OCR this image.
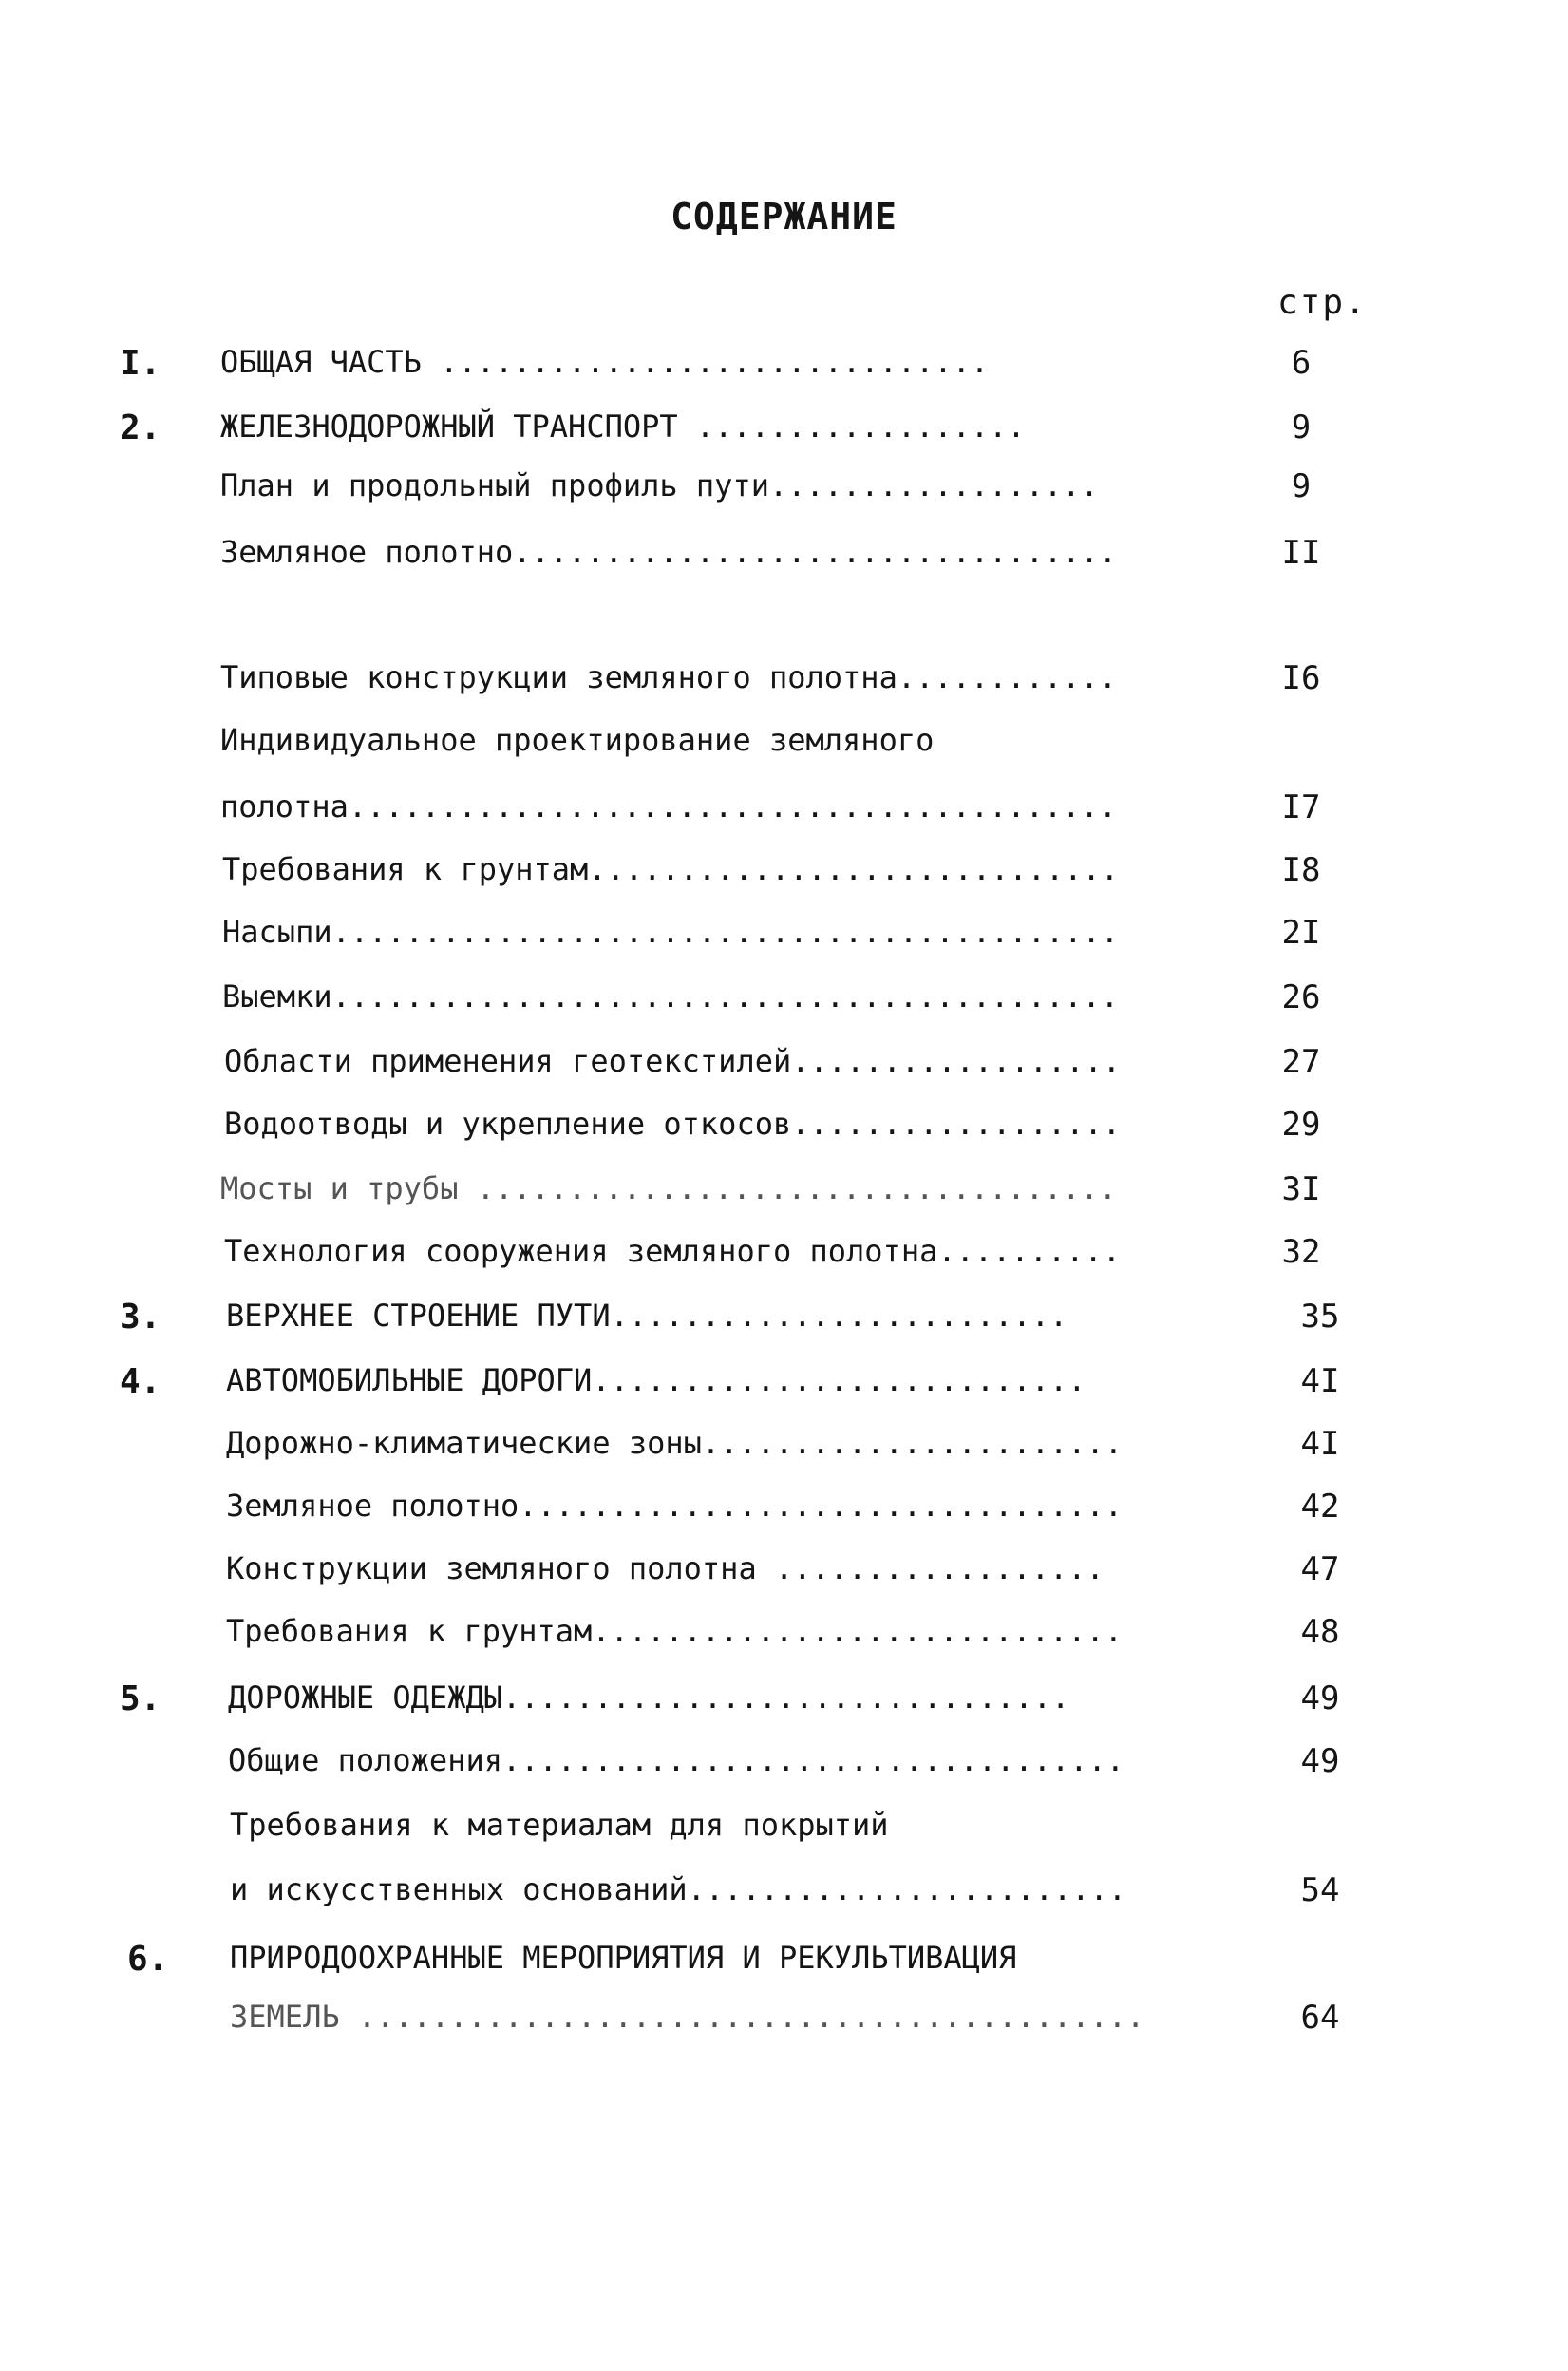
СОДЕРЖАНИЕ
стр.
I. ОБЩАЯ ЧАСТЬ ..............................	6
2. ЖЕЛЕЗНОДОРОЖНЫЙ ТРАНСПОРТ ..................	9
План и продольный профиль пути..................	9
Земляное полотно.................................	II
Типовые конструкции земляного полотна............	I6
Индивидуальное проектирование земляного
полотна..........................................	I7
Требования к грунтам.............................	I8
Насыпи...........................................	2I
Выемки...........................................	26
Области применения геотекстилей..................	27
Водоотводы и укрепление откосов..................	29
Мосты и трубы ...................................	3I
Технология сооружения земляного полотна..........	32
3. ВЕРХНЕЕ СТРОЕНИЕ ПУТИ.........................	35
4. АВТОМОБИЛЬНЫЕ ДОРОГИ...........................	4I
Дорожно-климатические зоны.......................	4I
Земляное полотно.................................	42
Конструкции земляного полотна ..................	47
Требования к грунтам.............................	48
5. ДОРОЖНЫЕ ОДЕЖДЫ...............................	49
Общие положения..................................	49
Требования к материалам для покрытий
и искусственных оснований........................	54
6. ПРИРОДООХРАННЫЕ МЕРОПРИЯТИЯ И РЕКУЛЬТИВАЦИЯ
ЗЕМЕЛЬ ...........................................	64
